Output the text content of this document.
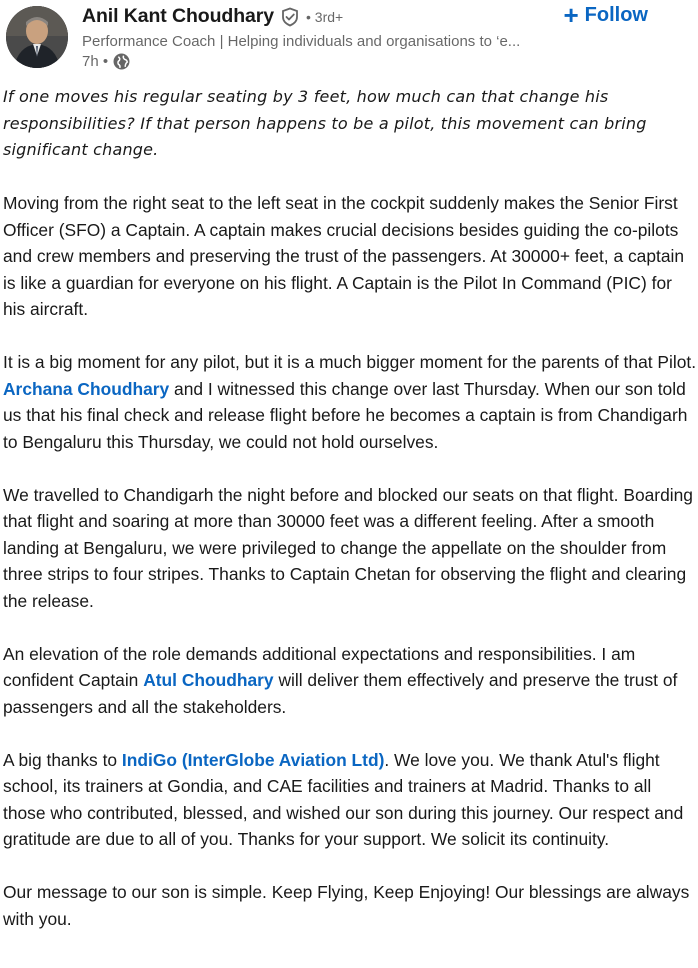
Anil Kant Choudhary • 3rd+	+ Follow
Performance Coach | Helping individuals and organisations to ‘e...
7h •

If one moves his regular seating by 3 feet, how much can that change his responsibilities? If that person happens to be a pilot, this movement can bring significant change.

Moving from the right seat to the left seat in the cockpit suddenly makes the Senior First Officer (SFO) a Captain. A captain makes crucial decisions besides guiding the co-pilots and crew members and preserving the trust of the passengers. At 30000+ feet, a captain is like a guardian for everyone on his flight. A Captain is the Pilot In Command (PIC) for his aircraft.

It is a big moment for any pilot, but it is a much bigger moment for the parents of that Pilot. Archana Choudhary and I witnessed this change over last Thursday. When our son told us that his final check and release flight before he becomes a captain is from Chandigarh to Bengaluru this Thursday, we could not hold ourselves.

We travelled to Chandigarh the night before and blocked our seats on that flight. Boarding that flight and soaring at more than 30000 feet was a different feeling. After a smooth landing at Bengaluru, we were privileged to change the appellate on the shoulder from three strips to four stripes. Thanks to Captain Chetan for observing the flight and clearing the release.

An elevation of the role demands additional expectations and responsibilities. I am confident Captain Atul Choudhary will deliver them effectively and preserve the trust of passengers and all the stakeholders.

A big thanks to IndiGo (InterGlobe Aviation Ltd). We love you. We thank Atul's flight school, its trainers at Gondia, and CAE facilities and trainers at Madrid. Thanks to all those who contributed, blessed, and wished our son during this journey. Our respect and gratitude are due to all of you. Thanks for your support. We solicit its continuity.

Our message to our son is simple. Keep Flying, Keep Enjoying! Our blessings are always with you.
